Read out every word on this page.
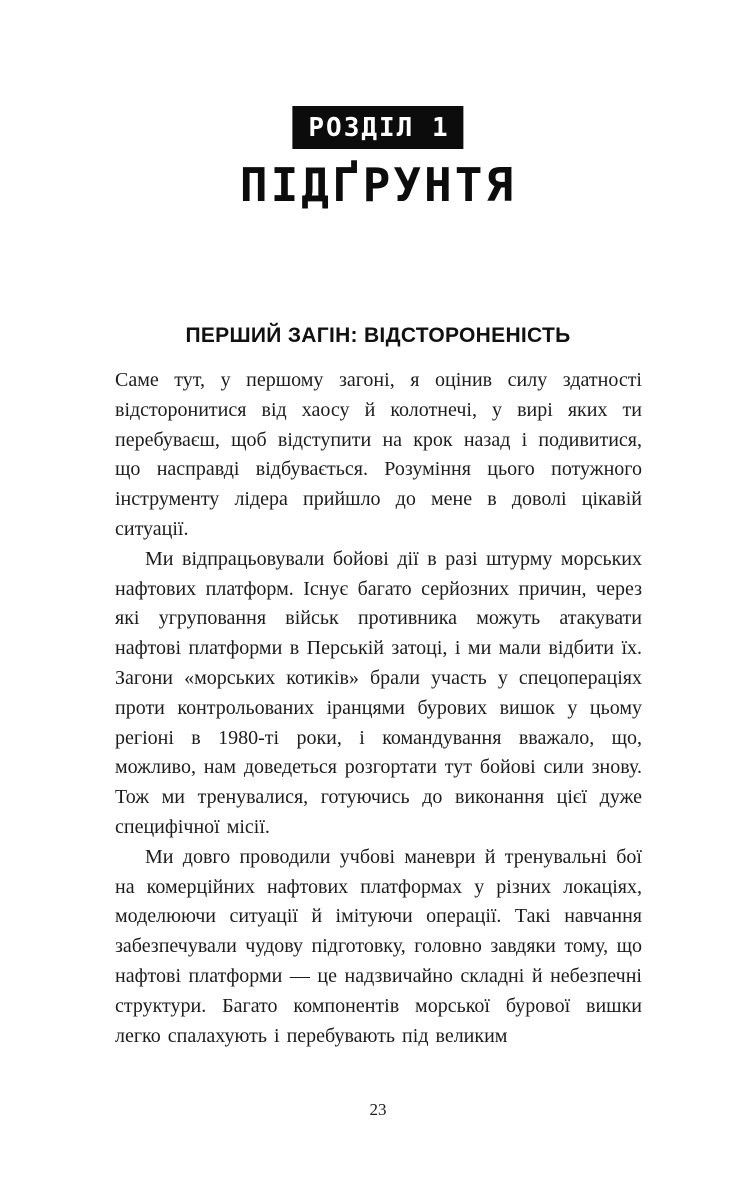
РОЗДІЛ 1
ПІДҐРУНТЯ
ПЕРШИЙ ЗАГІН: ВІДСТОРОНЕНІСТЬ

Саме тут, у першому загоні, я оцінив силу здатності відсторонитися від хаосу й колотнечі, у вирі яких ти перебуваєш, щоб відступити на крок назад і подивитися, що насправді відбувається. Розуміння цього потужного інструменту лідера прийшло до мене в доволі цікавій ситуації.

Ми відпрацьовували бойові дії в разі штурму морських нафтових платформ. Існує багато серйозних причин, через які угруповання військ противника можуть атакувати нафтові платформи в Перській затоці, і ми мали відбити їх. Загони «морських котиків» брали участь у спецопераціях проти контрольованих іранцями бурових вишок у цьому регіоні в 1980-ті роки, і командування вважало, що, можливо, нам доведеться розгортати тут бойові сили знову. Тож ми тренувалися, готуючись до виконання цієї дуже специфічної місії.

Ми довго проводили учбові маневри й тренувальні бої на комерційних нафтових платформах у різних локаціях, моделюючи ситуації й імітуючи операції. Такі навчання забезпечували чудову підготовку, головно завдяки тому, що нафтові платформи — це надзвичайно складні й небезпечні структури. Багато компонентів морської бурової вишки легко спалахують і перебувають під великим

23
